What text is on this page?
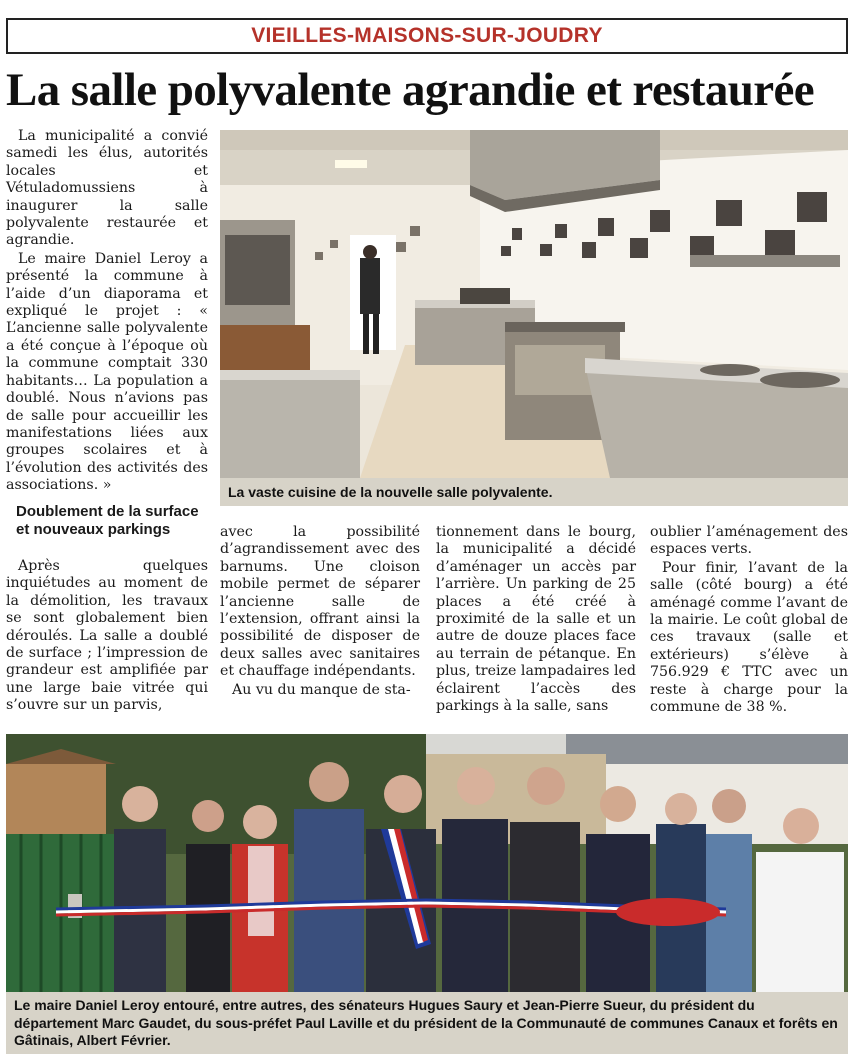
VIEILLES-MAISONS-SUR-JOUDRY
La salle polyvalente agrandie et restaurée

La municipalité a convié samedi les élus, autorités locales et Vétuladomussiens à inaugurer la salle polyvalente restaurée et agrandie.

Le maire Daniel Leroy a présenté la commune à l’aide d’un diaporama et expliqué le projet : « L’ancienne salle polyvalente a été conçue à l’époque où la commune comptait 330 habitants… La population a doublé. Nous n’avions pas de salle pour accueillir les manifestations liées aux groupes scolaires et à l’évolution des activités des associations. »

Doublement de la surface et nouveaux parkings

Après quelques inquiétudes au moment de la démolition, les travaux se sont globalement bien déroulés. La salle a doublé de surface ; l’impression de grandeur est amplifiée par une large baie vitrée qui s’ouvre sur un parvis,

avec la possibilité d’agrandissement avec des barnums. Une cloison mobile permet de séparer l’ancienne salle de l’extension, offrant ainsi la possibilité de disposer de deux salles avec sanitaires et chauffage indépendants.

Au vu du manque de sta-

tionnement dans le bourg, la municipalité a décidé d’aménager un accès par l’arrière. Un parking de 25 places a été créé à proximité de la salle et un autre de douze places face au terrain de pétanque. En plus, treize lampadaires led éclairent l’accès des parkings à la salle, sans

oublier l’aménagement des espaces verts.

Pour finir, l’avant de la salle (côté bourg) a été aménagé comme l’avant de la mairie. Le coût global de ces travaux (salle et extérieurs) s’élève à 756.929 € TTC avec un reste à charge pour la commune de 38 %.

La vaste cuisine de la nouvelle salle polyvalente.
Le maire Daniel Leroy entouré, entre autres, des sénateurs Hugues Saury et Jean-Pierre Sueur, du président du département Marc Gaudet, du sous-préfet Paul Laville et du président de la Communauté de communes Canaux et forêts en Gâtinais, Albert Février.
